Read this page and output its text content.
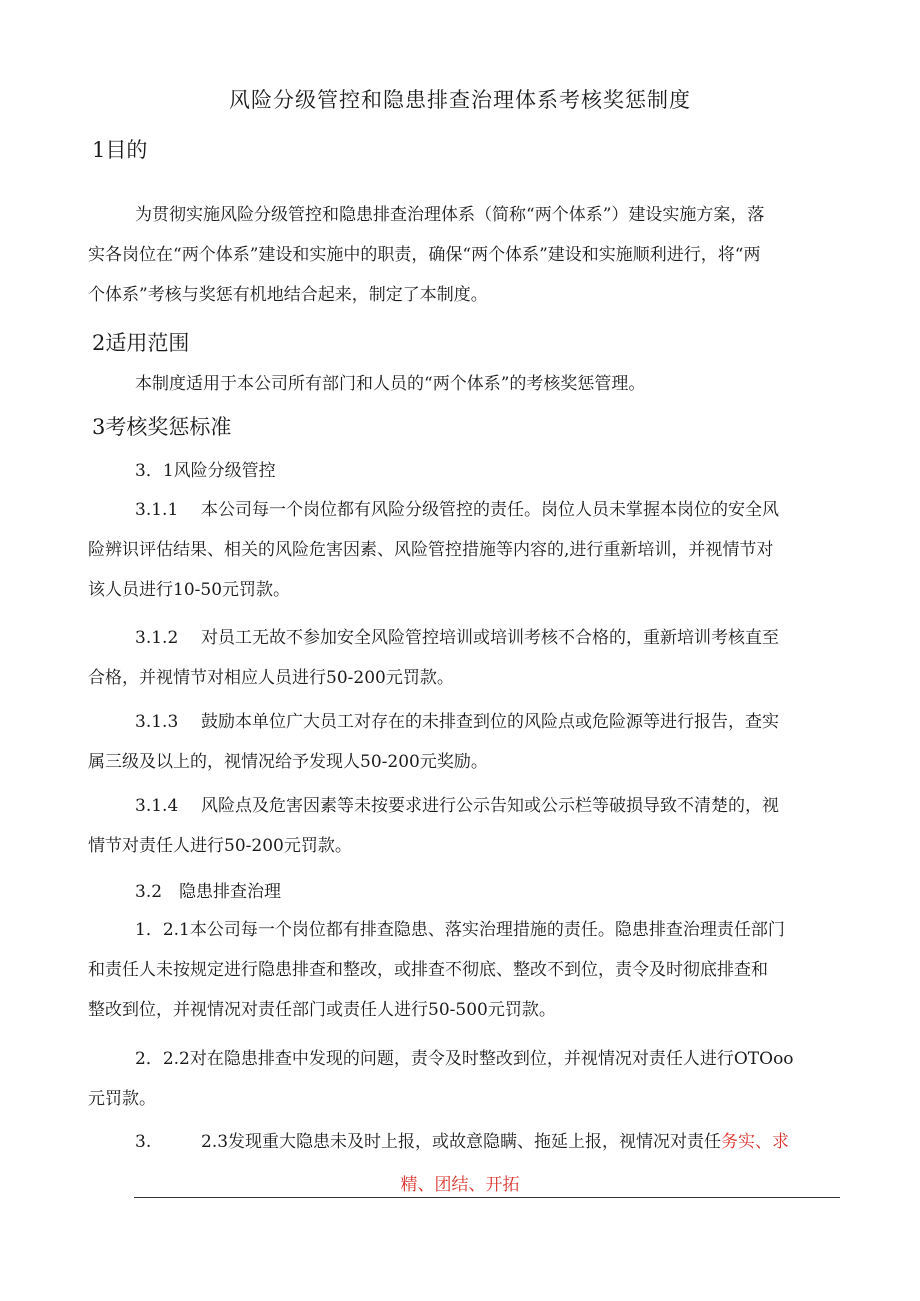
风险分级管控和隐患排查治理体系考核奖惩制度
1目的
为贯彻实施风险分级管控和隐患排查治理体系（简称“两个体系”）建设实施方案，落
实各岗位在“两个体系”建设和实施中的职责，确保“两个体系”建设和实施顺利进行，将“两
个体系”考核与奖惩有机地结合起来，制定了本制度。
2适用范围
本制度适用于本公司所有部门和人员的“两个体系”的考核奖惩管理。
3考核奖惩标准
3．1风险分级管控
3.1.1 本公司每一个岗位都有风险分级管控的责任。岗位人员未掌握本岗位的安全风
险辨识评估结果、相关的风险危害因素、风险管控措施等内容的,进行重新培训，并视情节对
该人员进行10-50元罚款。
3.1.2 对员工无故不参加安全风险管控培训或培训考核不合格的，重新培训考核直至
合格，并视情节对相应人员进行50-200元罚款。
3.1.3 鼓励本单位广大员工对存在的未排查到位的风险点或危险源等进行报告，查实
属三级及以上的，视情况给予发现人50-200元奖励。
3.1.4 风险点及危害因素等未按要求进行公示告知或公示栏等破损导致不清楚的，视
情节对责任人进行50-200元罚款。
3.2　隐患排查治理
1．2.1本公司每一个岗位都有排查隐患、落实治理措施的责任。隐患排查治理责任部门
和责任人未按规定进行隐患排查和整改，或排查不彻底、整改不到位，责令及时彻底排查和
整改到位，并视情况对责任部门或责任人进行50-500元罚款。
2．2.2对在隐患排查中发现的问题，责令及时整改到位，并视情况对责任人进行OTOoo
元罚款。
3.	2.3发现重大隐患未及时上报，或故意隐瞒、拖延上报，视情况对责任务实、求
精、团结、开拓
